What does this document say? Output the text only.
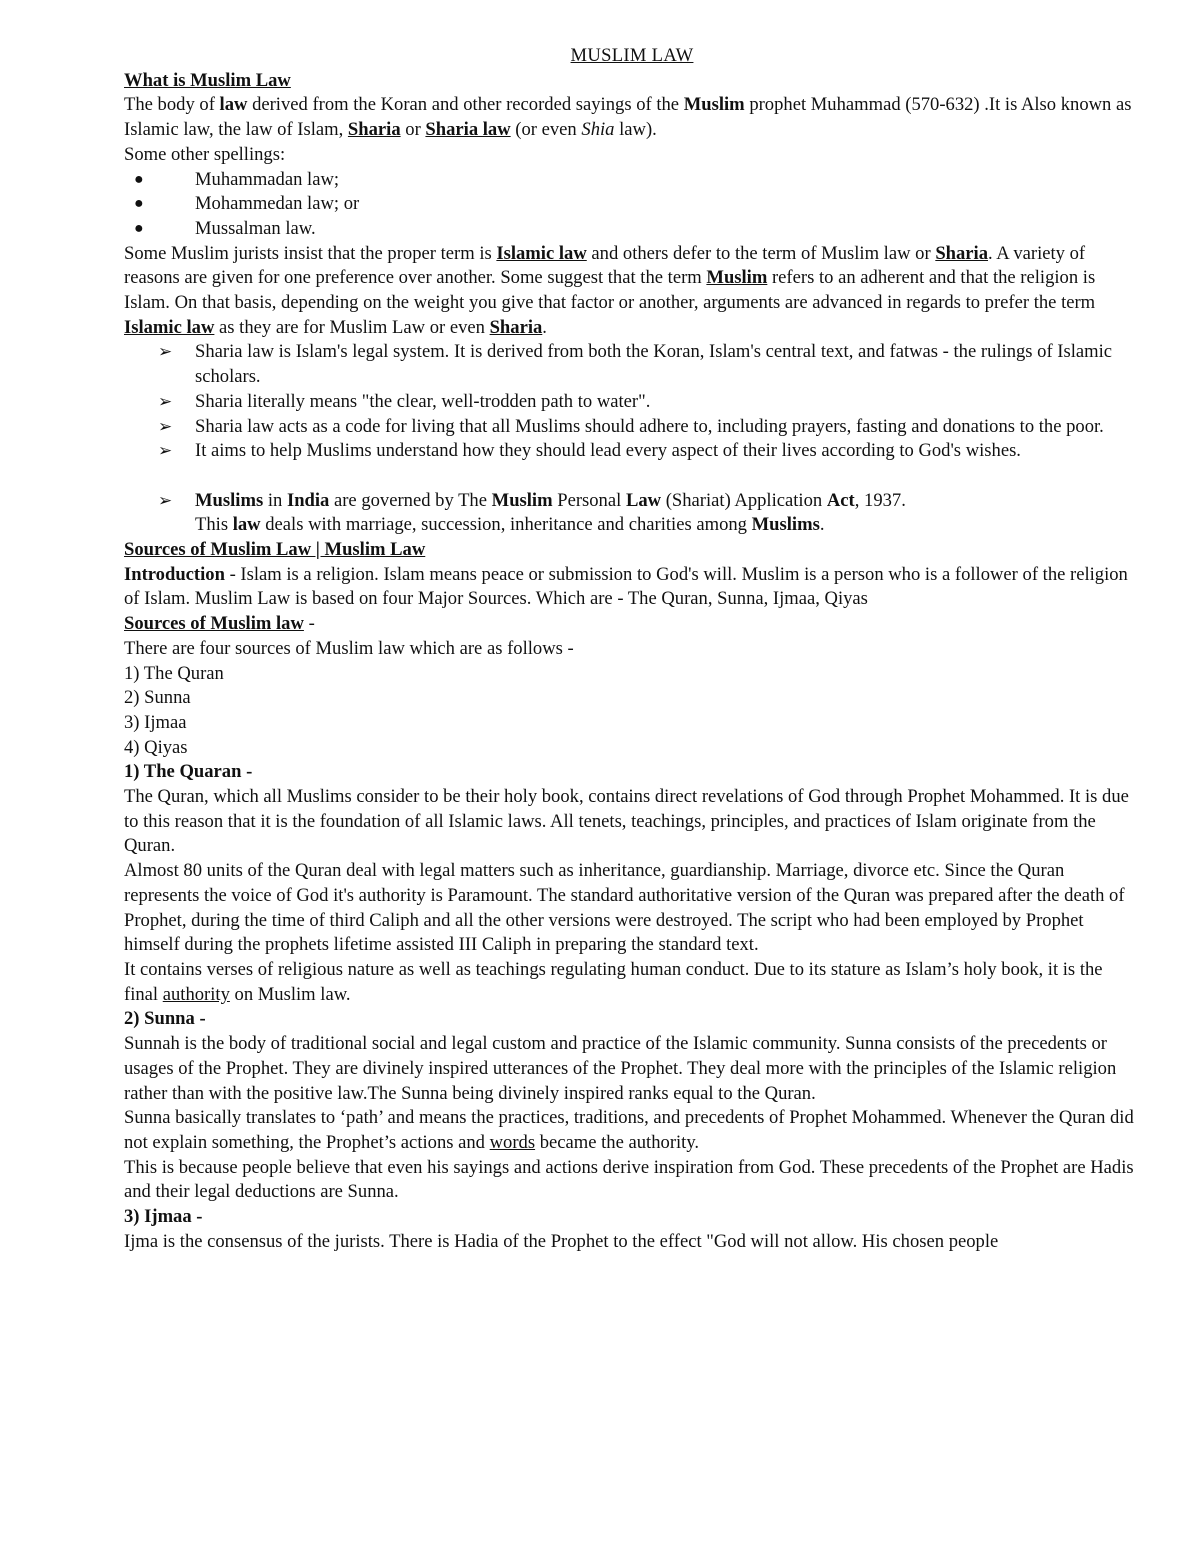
MUSLIM LAW

What is Muslim Law

The body of law derived from the Koran and other recorded sayings of the Muslim prophet Muhammad (570-632) .It is Also known as Islamic law, the law of Islam, Sharia or Sharia law (or even Shia law).

Some other spellings:

●	Muhammadan law;
●	Mohammedan law; or
●	Mussalman law.

Some Muslim jurists insist that the proper term is Islamic law and others defer to the term of Muslim law or Sharia. A variety of reasons are given for one preference over another. Some suggest that the term Muslim refers to an adherent and that the religion is Islam. On that basis, depending on the weight you give that factor or another, arguments are advanced in regards to prefer the term Islamic law as they are for Muslim Law or even Sharia.

➢ Sharia law is Islam's legal system. It is derived from both the Koran, Islam's central text, and fatwas - the rulings of Islamic scholars.
➢ Sharia literally means "the clear, well-trodden path to water".
➢ Sharia law acts as a code for living that all Muslims should adhere to, including prayers, fasting and donations to the poor.
➢ It aims to help Muslims understand how they should lead every aspect of their lives according to God's wishes.
➢ Muslims in India are governed by The Muslim Personal Law (Shariat) Application Act, 1937.

This law deals with marriage, succession, inheritance and charities among Muslims.

Sources of Muslim Law | Muslim Law

Introduction - Islam is a religion. Islam means peace or submission to God's will. Muslim is a person who is a follower of the religion of Islam. Muslim Law is based on four Major Sources. Which are - The Quran, Sunna, Ijmaa, Qiyas

Sources of Muslim law -

There are four sources of Muslim law which are as follows -

1) The Quran

2) Sunna

3) Ijmaa

4) Qiyas

1) The Quaran -

The Quran, which all Muslims consider to be their holy book, contains direct revelations of God through Prophet Mohammed. It is due to this reason that it is the foundation of all Islamic laws. All tenets, teachings, principles, and practices of Islam originate from the Quran.

Almost 80 units of the Quran deal with legal matters such as inheritance, guardianship. Marriage, divorce etc. Since the Quran represents the voice of God it's authority is Paramount. The standard authoritative version of the Quran was prepared after the death of Prophet, during the time of third Caliph and all the other versions were destroyed. The script who had been employed by Prophet himself during the prophets lifetime assisted III Caliph in preparing the standard text.

It contains verses of religious nature as well as teachings regulating human conduct. Due to its stature as Islam’s holy book, it is the final authority on Muslim law.

2) Sunna -

Sunnah is the body of traditional social and legal custom and practice of the Islamic community. Sunna consists of the precedents or usages of the Prophet. They are divinely inspired utterances of the Prophet. They deal more with the principles of the Islamic religion rather than with the positive law.The Sunna being divinely inspired ranks equal to the Quran.

Sunna basically translates to ‘path’ and means the practices, traditions, and precedents of Prophet Mohammed. Whenever the Quran did not explain something, the Prophet’s actions and words became the authority.

This is because people believe that even his sayings and actions derive inspiration from God. These precedents of the Prophet are Hadis and their legal deductions are Sunna.

3) Ijmaa -

Ijma is the consensus of the jurists. There is Hadia of the Prophet to the effect "God will not allow. His chosen people
